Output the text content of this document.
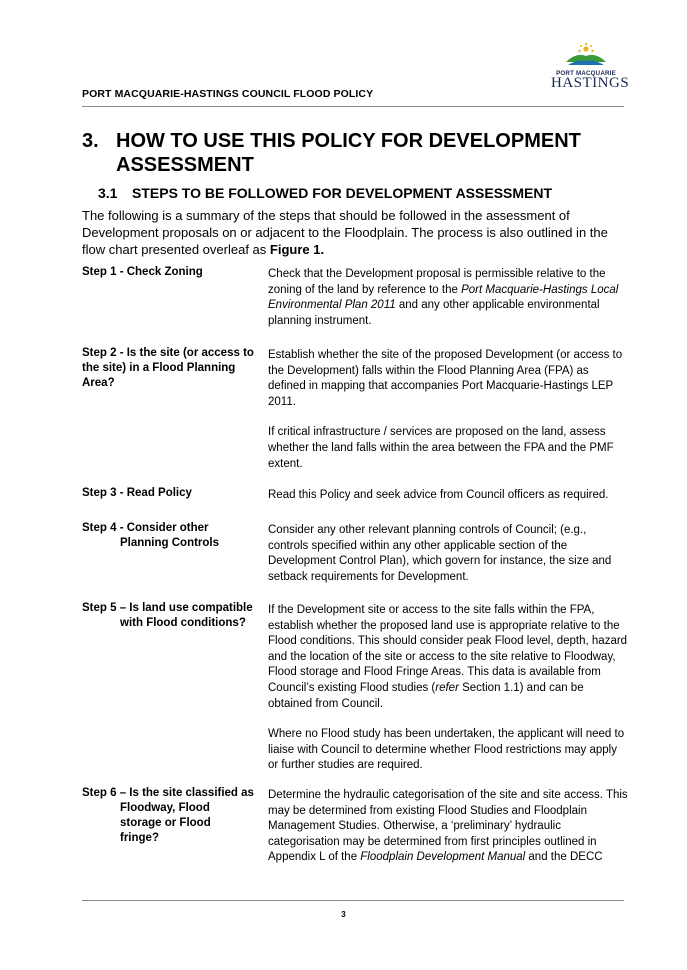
PORT MACQUARIE-HASTINGS COUNCIL FLOOD POLICY
PORT MACQUARIE
HASTINGS
3. HOW TO USE THIS POLICY FOR DEVELOPMENT ASSESSMENT
3.1 STEPS TO BE FOLLOWED FOR DEVELOPMENT ASSESSMENT
The following is a summary of the steps that should be followed in the assessment of Development proposals on or adjacent to the Floodplain. The process is also outlined in the flow chart presented overleaf as Figure 1.
Step 1 - Check Zoning	Check that the Development proposal is permissible relative to the zoning of the land by reference to the Port Macquarie-Hastings Local Environmental Plan 2011 and any other applicable environmental planning instrument.
Step 2 - Is the site (or access to the site) in a Flood Planning Area?

Establish whether the site of the proposed Development (or access to the Development) falls within the Flood Planning Area (FPA) as defined in mapping that accompanies Port Macquarie-Hastings LEP 2011.

If critical infrastructure / services are proposed on the land, assess whether the land falls within the area between the FPA and the PMF extent.

Step 3 - Read Policy	Read this Policy and seek advice from Council officers as required.
Step 4 - Consider other
Planning Controls
Consider any other relevant planning controls of Council; (e.g., controls specified within any other applicable section of the Development Control Plan), which govern for instance, the size and setback requirements for Development.
Step 5 – Is land use compatible
with Flood conditions?

If the Development site or access to the site falls within the FPA, establish whether the proposed land use is appropriate relative to the Flood conditions. This should consider peak Flood level, depth, hazard and the location of the site or access to the site relative to Floodway, Flood storage and Flood Fringe Areas. This data is available from Council’s existing Flood studies (refer Section 1.1) and can be obtained from Council.

Where no Flood study has been undertaken, the applicant will need to liaise with Council to determine whether Flood restrictions may apply or further studies are required.

Step 6 – Is the site classified as
Floodway, Flood
storage or Flood
fringe?
Determine the hydraulic categorisation of the site and site access. This may be determined from existing Flood Studies and Floodplain Management Studies. Otherwise, a ‘preliminary’ hydraulic categorisation may be determined from first principles outlined in Appendix L of the Floodplain Development Manual and the DECC
3
